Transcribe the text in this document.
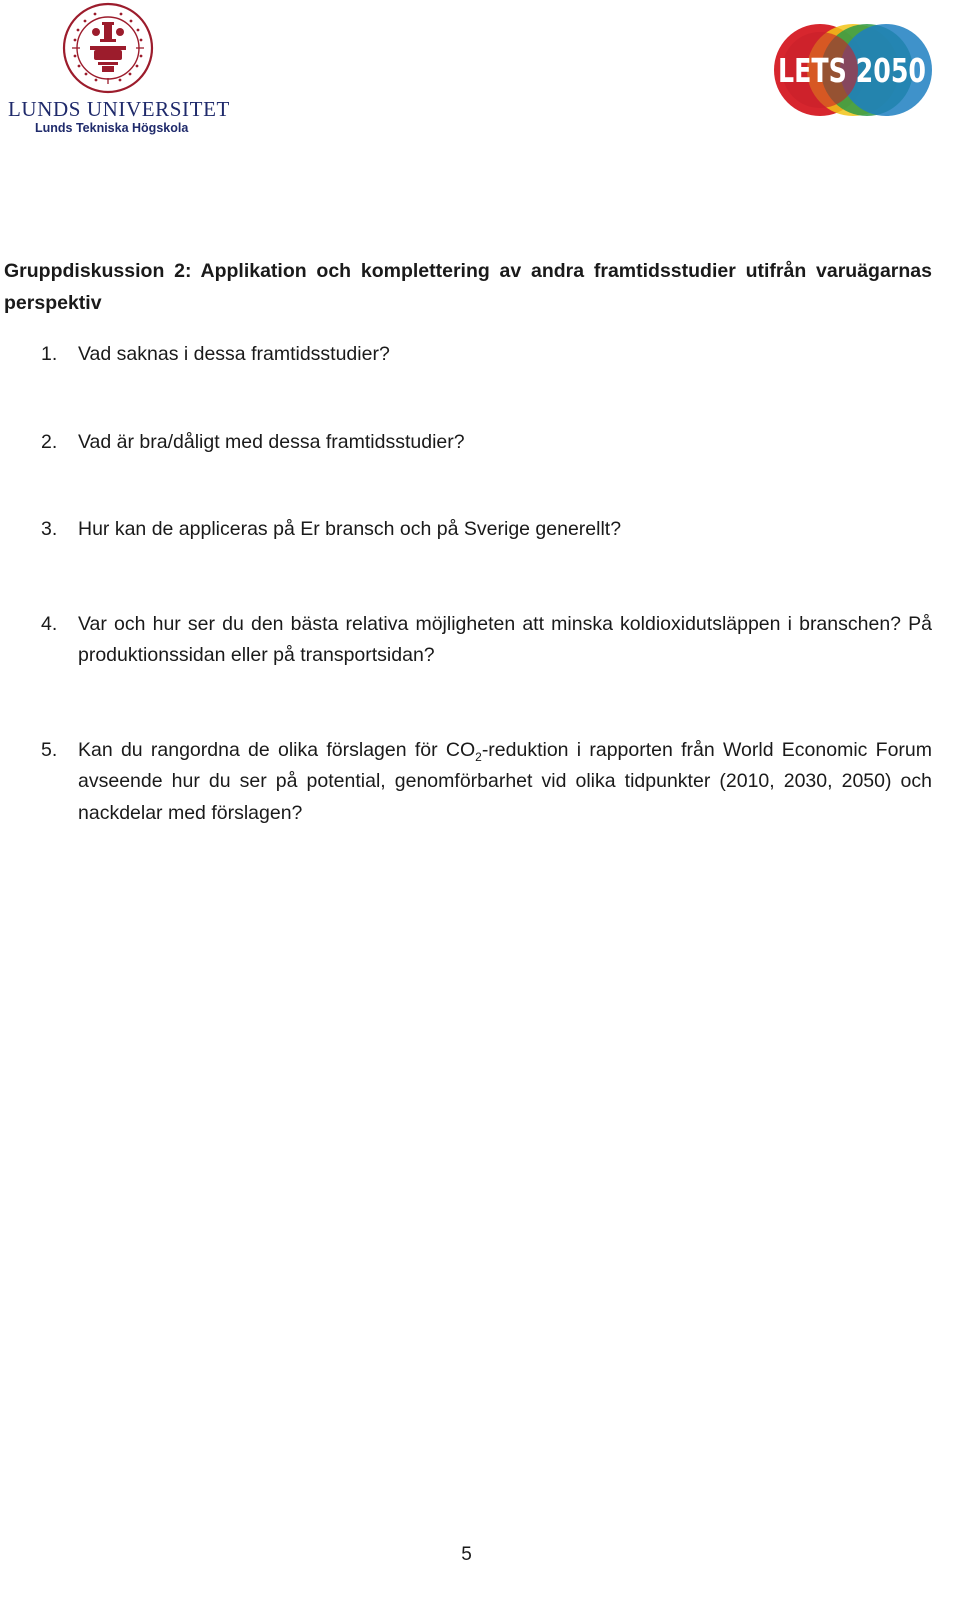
LUNDS UNIVERSITET
Lunds Tekniska Högskola
LETS 2050

Gruppdiskussion 2: Applikation och komplettering av andra framtidsstudier utifrån varuägarnas perspektiv

1. Vad saknas i dessa framtidsstudier?
2. Vad är bra/dåligt med dessa framtidsstudier?
3. Hur kan de appliceras på Er bransch och på Sverige generellt?
4. Var och hur ser du den bästa relativa möjligheten att minska koldioxidutsläppen i branschen? På produktionssidan eller på transportsidan?
5. Kan du rangordna de olika förslagen för $CO_2$-reduktion i rapporten från World Economic Forum avseende hur du ser på potential, genomförbarhet vid olika tidpunkter (2010, 2030, 2050) och nackdelar med förslagen?
5
